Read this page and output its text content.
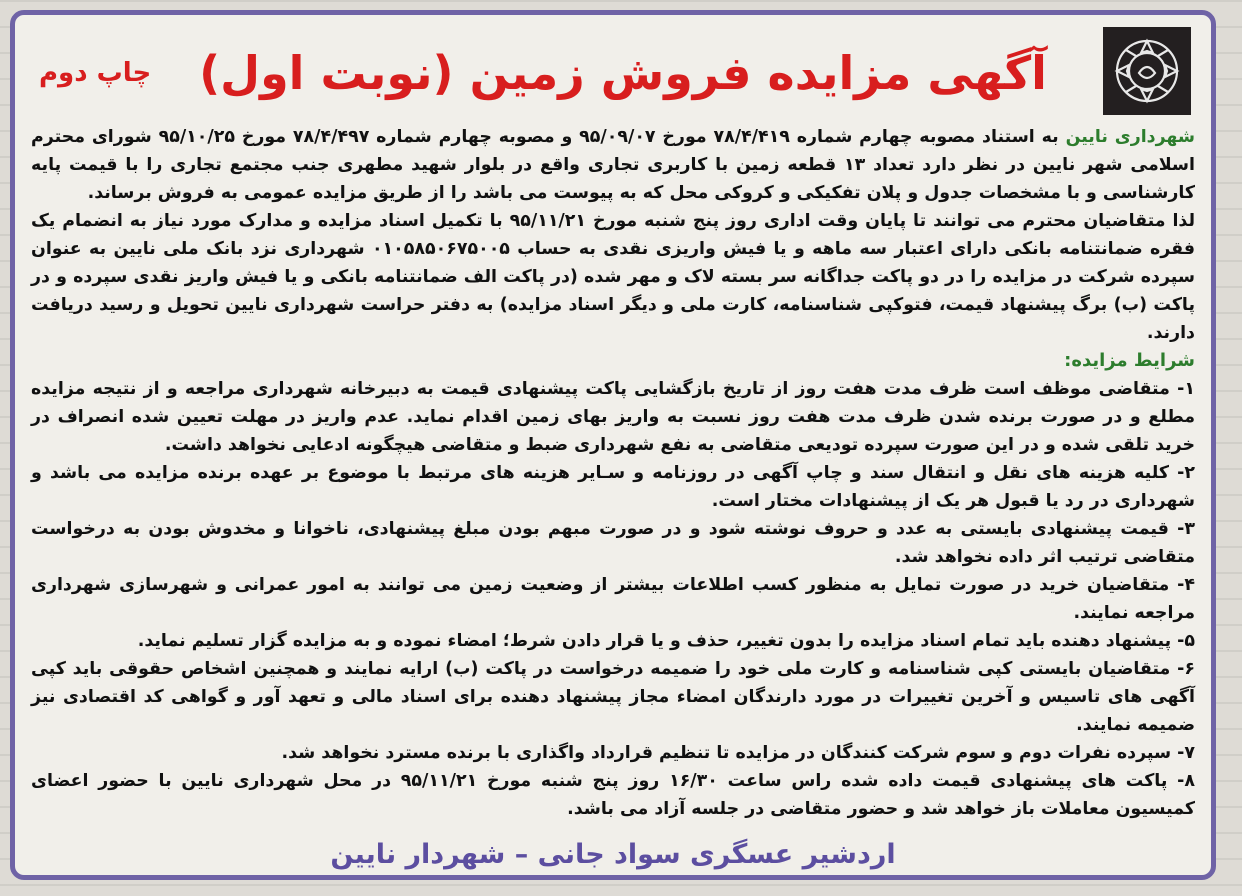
آگهی مزایده فروش زمین (نوبت اول)
چاپ دوم

شهرداری نایین به استناد مصوبه چهارم شماره ۷۸/۴/۴۱۹ مورخ ۹۵/۰۹/۰۷ و مصوبه چهارم شماره ۷۸/۴/۴۹۷ مورخ ۹۵/۱۰/۲۵ شورای محترم اسلامی شهر نایین در نظر دارد تعداد ۱۳ قطعه زمین با کاربری تجاری واقع در بلوار شهید مطهری جنب مجتمع تجاری را با قیمت پایه کارشناسی و با مشخصات جدول و پلان تفکیکی و کروکی محل که به پیوست می باشد را از طریق مزایده عمومی به فروش برساند.

لذا متقاضیان محترم می توانند تا پایان وقت اداری روز پنج شنبه مورخ ۹۵/۱۱/۲۱ با تکمیل اسناد مزایده و مدارک مورد نیاز به انضمام یک فقره ضمانتنامه بانکی دارای اعتبار سه ماهه و یا فیش واریزی نقدی به حساب ۰۱۰۵۸۵۰۶۷۵۰۰۵ شهرداری نزد بانک ملی نایین به عنوان سپرده شرکت در مزایده را در دو پاکت جداگانه سر بسته لاک و مهر شده (در پاکت الف ضمانتنامه بانکی و یا فیش واریز نقدی سپرده و در پاکت (ب) برگ پیشنهاد قیمت، فتوکپی شناسنامه، کارت ملی و دیگر اسناد مزایده) به دفتر حراست شهرداری نایین تحویل و رسید دریافت دارند.

شرایط مزایده:

۱- متقاضی موظف است ظرف مدت هفت روز از تاریخ بازگشایی پاکت پیشنهادی قیمت به دبیرخانه شهرداری مراجعه و از نتیجه مزایده مطلع و در صورت برنده شدن ظرف مدت هفت روز نسبت به واریز بهای زمین اقدام نماید. عدم واریز در مهلت تعیین شده انصراف در خرید تلقی شده و در این صورت سپرده تودیعی متقاضی به نفع شهرداری ضبط و متقاضی هیچگونه ادعایی نخواهد داشت.

۲- کلیه هزینه های نقل و انتقال سند و چاپ آگهی در روزنامه و سـایر هزینه های مرتبط با موضوع بر عهده برنده مزایده می باشد و شهرداری در رد یا قبول هر یک از پیشنهادات مختار است.

۳- قیمت پیشنهادی بایستی به عدد و حروف نوشته شود و در صورت مبهم بودن مبلغ پیشنهادی، ناخوانا و مخدوش بودن به درخواست متقاضی ترتیب اثر داده نخواهد شد.

۴- متقاضیان خرید در صورت تمایل به منظور کسب اطلاعات بیشتر از وضعیت زمین می توانند به امور عمرانی و شهرسازی شهرداری مراجعه نمایند.

۵- پیشنهاد دهنده باید تمام اسناد مزایده را بدون تغییر، حذف و یا قرار دادن شرط؛ امضاء نموده و به مزایده گزار تسلیم نماید.

۶- متقاضیان بایستی کپی شناسنامه و کارت ملی خود را ضمیمه درخواست در پاکت (ب) ارایه نمایند و همچنین اشخاص حقوقی باید کپی آگهی های تاسیس و آخرین تغییرات در مورد دارندگان امضاء مجاز پیشنهاد دهنده برای اسناد مالی و تعهد آور و گواهی کد اقتصادی نیز ضمیمه نمایند.

۷- سپرده نفرات دوم و سوم شرکت کنندگان در مزایده تا تنظیم قرارداد واگذاری با برنده مسترد نخواهد شد.

۸- پاکت های پیشنهادی قیمت داده شده راس ساعت ۱۶/۳۰ روز پنج شنبه مورخ ۹۵/۱۱/۲۱ در محل شهرداری نایین با حضور اعضای کمیسیون معاملات باز خواهد شد و حضور متقاضی در جلسه آزاد می باشد.

اردشیر عسگری سواد جانی – شهردار نایین
